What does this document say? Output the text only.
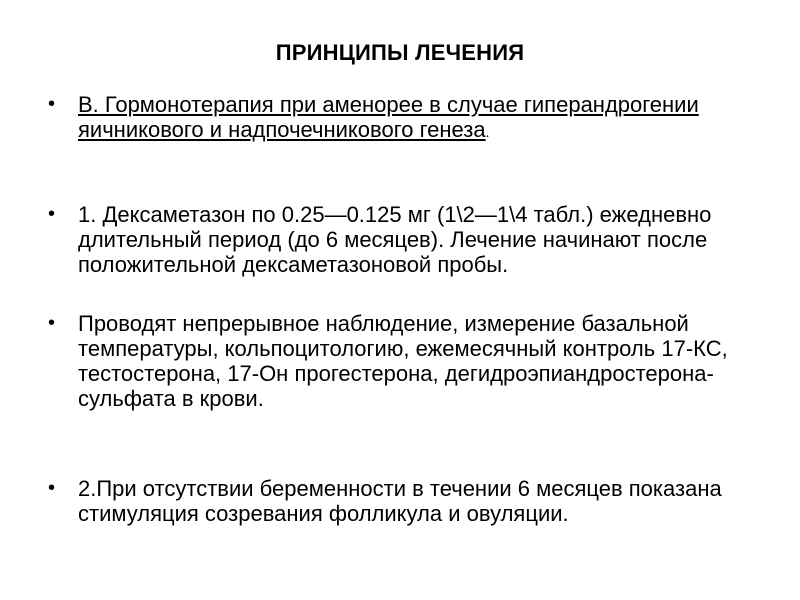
ПРИНЦИПЫ ЛЕЧЕНИЯ
•	В. Гормонотерапия при аменорее в случае гиперандрогении яичникового и надпочечникового генеза.
•	1. Дексаметазон по 0.25—0.125 мг (1\2—1\4 табл.) ежедневно длительный период (до 6 месяцев). Лечение начинают после положительной дексаметазоновой пробы.
•	Проводят непрерывное наблюдение, измерение базальной температуры, кольпоцитологию, ежемесячный контроль 17-КС, тестостерона, 17-Он прогестерона, дегидроэпиандростерона-сульфата в крови.
•	2.При отсутствии беременности в течении 6 месяцев показана стимуляция созревания фолликула и овуляции.
